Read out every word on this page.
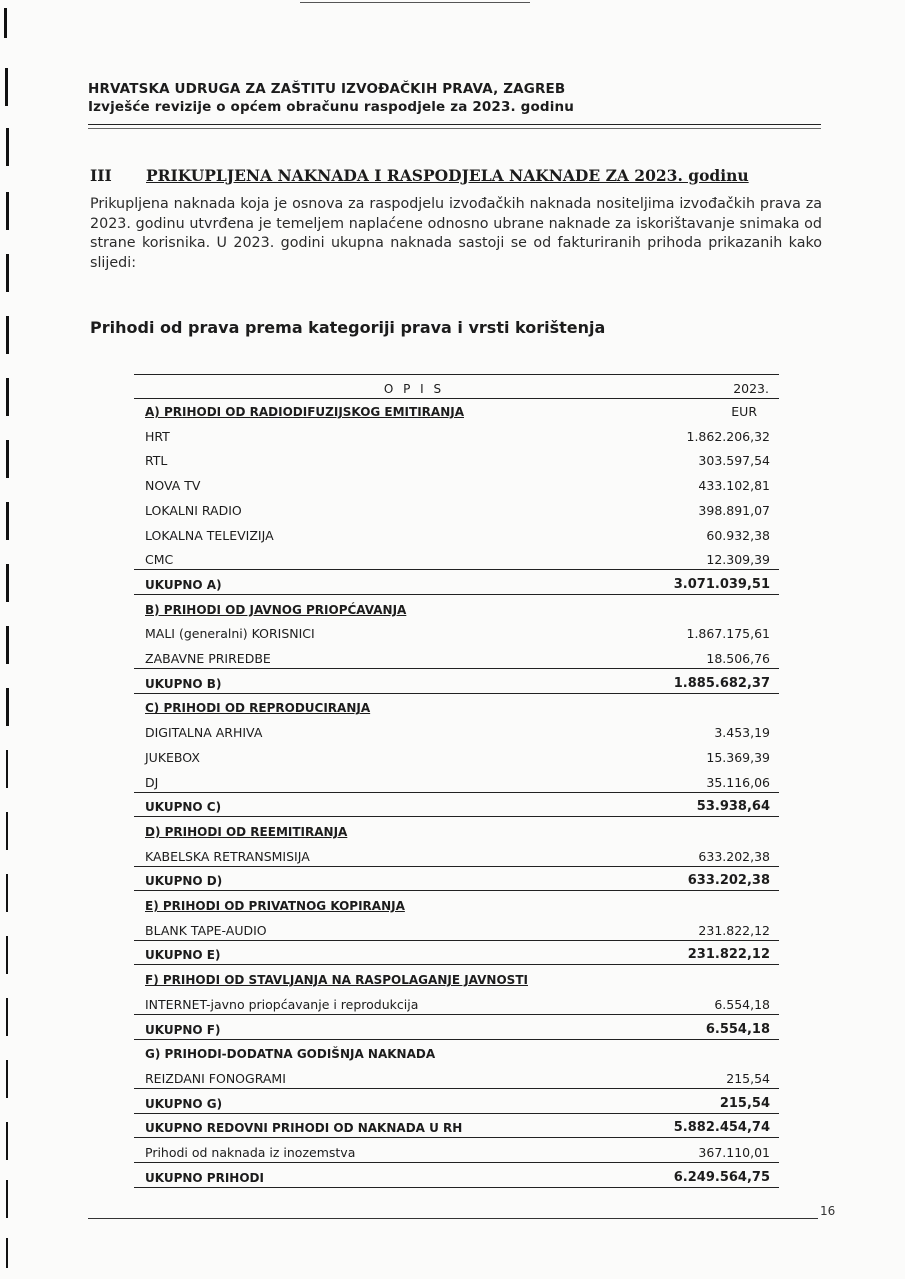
HRVATSKA UDRUGA ZA ZAŠTITU IZVOĐAČKIH PRAVA, ZAGREB
Izvješće revizije o općem obračunu raspodjele za 2023. godinu
III PRIKUPLJENA NAKNADA I RASPODJELA NAKNADE ZA 2023. godinu
Prikupljena naknada koja je osnova za raspodjelu izvođačkih naknada nositeljima izvođačkih prava za 2023. godinu utvrđena je temeljem naplaćene odnosno ubrane naknade za iskorištavanje snimaka od strane korisnika. U 2023. godini ukupna naknada sastoji se od fakturiranih prihoda prikazanih kako slijedi:
Prihodi od prava prema kategoriji prava i vrsti korištenja
O P I S	2023.
A) PRIHODI OD RADIODIFUZIJSKOG EMITIRANJA	EUR
HRT	1.862.206,32
RTL	303.597,54
NOVA TV	433.102,81
LOKALNI RADIO	398.891,07
LOKALNA TELEVIZIJA	60.932,38
CMC	12.309,39
UKUPNO A)	3.071.039,51
B) PRIHODI OD JAVNOG PRIOPĆAVANJA
MALI (generalni) KORISNICI	1.867.175,61
ZABAVNE PRIREDBE	18.506,76
UKUPNO B)	1.885.682,37
C) PRIHODI OD REPRODUCIRANJA
DIGITALNA ARHIVA	3.453,19
JUKEBOX	15.369,39
DJ	35.116,06
UKUPNO C)	53.938,64
D) PRIHODI OD REEMITIRANJA
KABELSKA RETRANSMISIJA	633.202,38
UKUPNO D)	633.202,38
E) PRIHODI OD PRIVATNOG KOPIRANJA
BLANK TAPE-AUDIO	231.822,12
UKUPNO E)	231.822,12
F) PRIHODI OD STAVLJANJA NA RASPOLAGANJE JAVNOSTI
INTERNET-javno priopćavanje i reprodukcija	6.554,18
UKUPNO F)	6.554,18
G) PRIHODI-DODATNA GODIŠNJA NAKNADA
REIZDANI FONOGRAMI	215,54
UKUPNO G)	215,54
UKUPNO REDOVNI PRIHODI OD NAKNADA U RH	5.882.454,74
Prihodi od naknada iz inozemstva	367.110,01
UKUPNO PRIHODI	6.249.564,75
16
